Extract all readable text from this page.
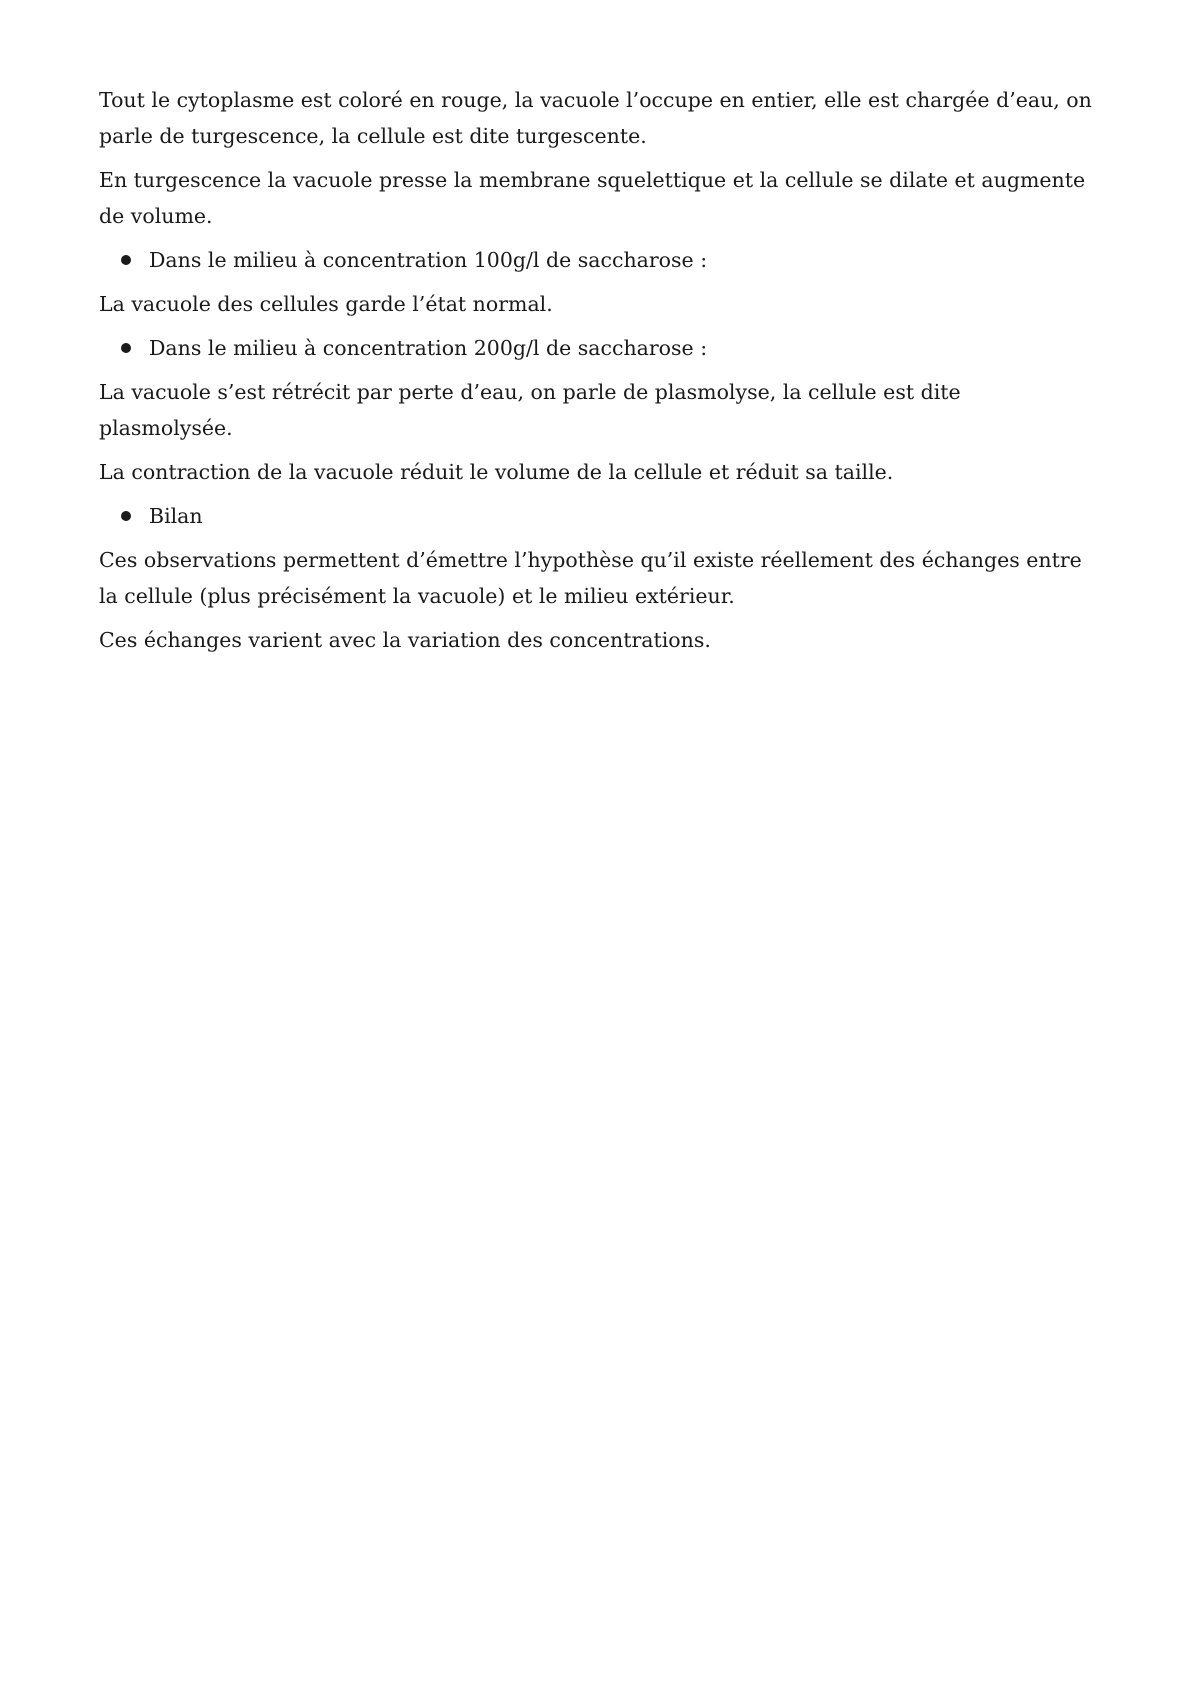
Tout le cytoplasme est coloré en rouge, la vacuole l’occupe en entier, elle est chargée d’eau, on parle de turgescence, la cellule est dite turgescente.

En turgescence la vacuole presse la membrane squelettique et la cellule se dilate et augmente de volume.

Dans le milieu à concentration 100g/l de saccharose :

La vacuole des cellules garde l’état normal.

Dans le milieu à concentration 200g/l de saccharose :

La vacuole s’est rétrécit par perte d’eau, on parle de plasmolyse, la cellule est dite plasmolysée.

La contraction de la vacuole réduit le volume de la cellule et réduit sa taille.

Bilan

Ces observations permettent d’émettre l’hypothèse qu’il existe réellement des échanges entre la cellule (plus précisément la vacuole) et le milieu extérieur.

Ces échanges varient avec la variation des concentrations.
